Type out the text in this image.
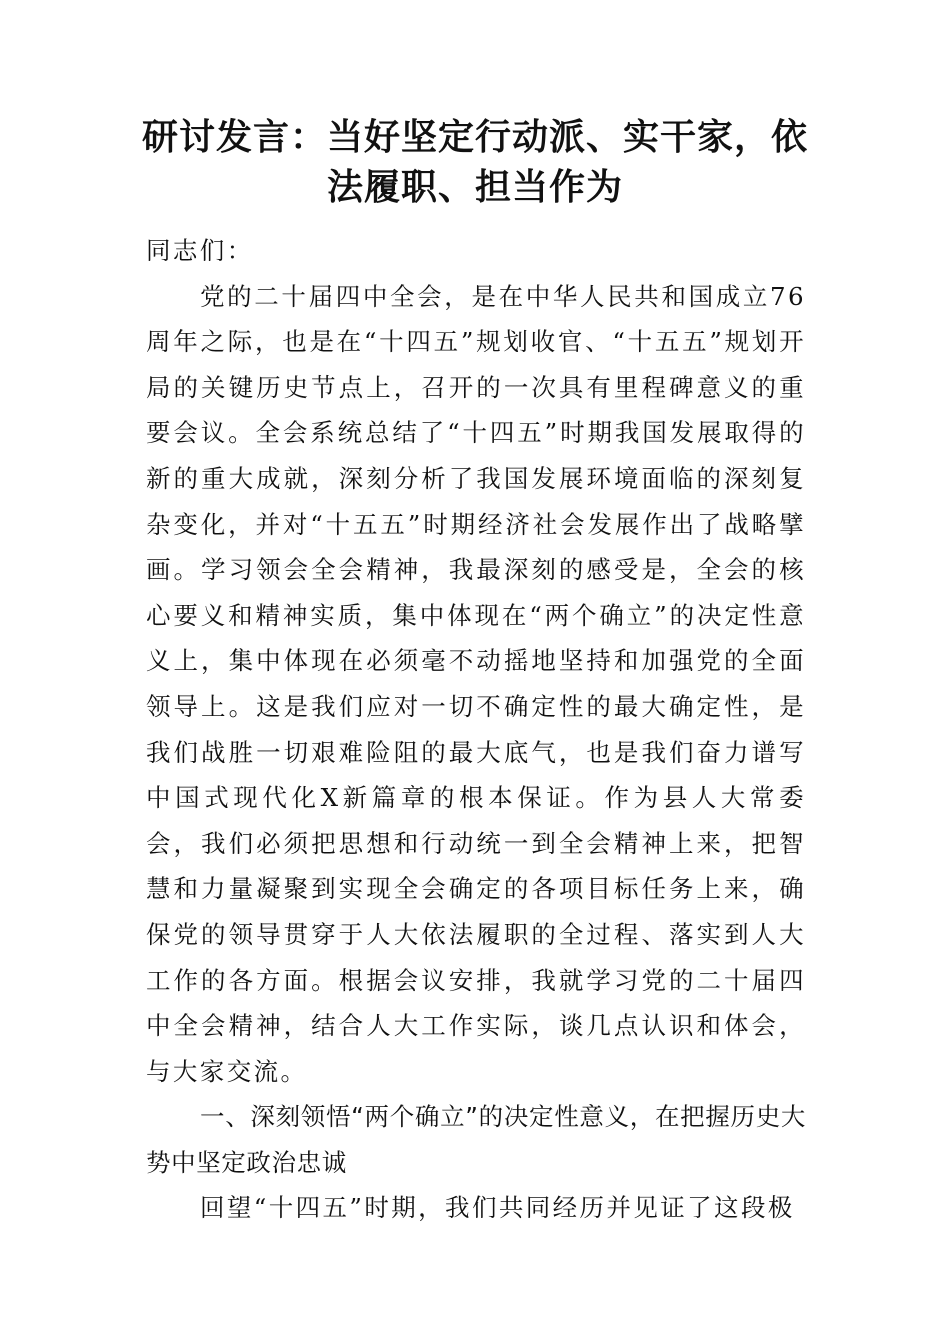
研讨发言：当好坚定行动派、实干家，依法履职、担当作为

同志们：

党的二十届四中全会，是在中华人民共和国成立76周年之际，也是在“十四五”规划收官、“十五五”规划开局的关键历史节点上，召开的一次具有里程碑意义的重要会议。全会系统总结了“十四五”时期我国发展取得的新的重大成就，深刻分析了我国发展环境面临的深刻复杂变化，并对“十五五”时期经济社会发展作出了战略擘画。学习领会全会精神，我最深刻的感受是，全会的核心要义和精神实质，集中体现在“两个确立”的决定性意义上，集中体现在必须毫不动摇地坚持和加强党的全面领导上。这是我们应对一切不确定性的最大确定性，是我们战胜一切艰难险阻的最大底气，也是我们奋力谱写中国式现代化X新篇章的根本保证。作为县人大常委会，我们必须把思想和行动统一到全会精神上来，把智慧和力量凝聚到实现全会确定的各项目标任务上来，确保党的领导贯穿于人大依法履职的全过程、落实到人大工作的各方面。根据会议安排，我就学习党的二十届四中全会精神，结合人大工作实际，谈几点认识和体会，与大家交流。

一、深刻领悟“两个确立”的决定性意义，在把握历史大势中坚定政治忠诚

回望“十四五”时期，我们共同经历并见证了这段极
